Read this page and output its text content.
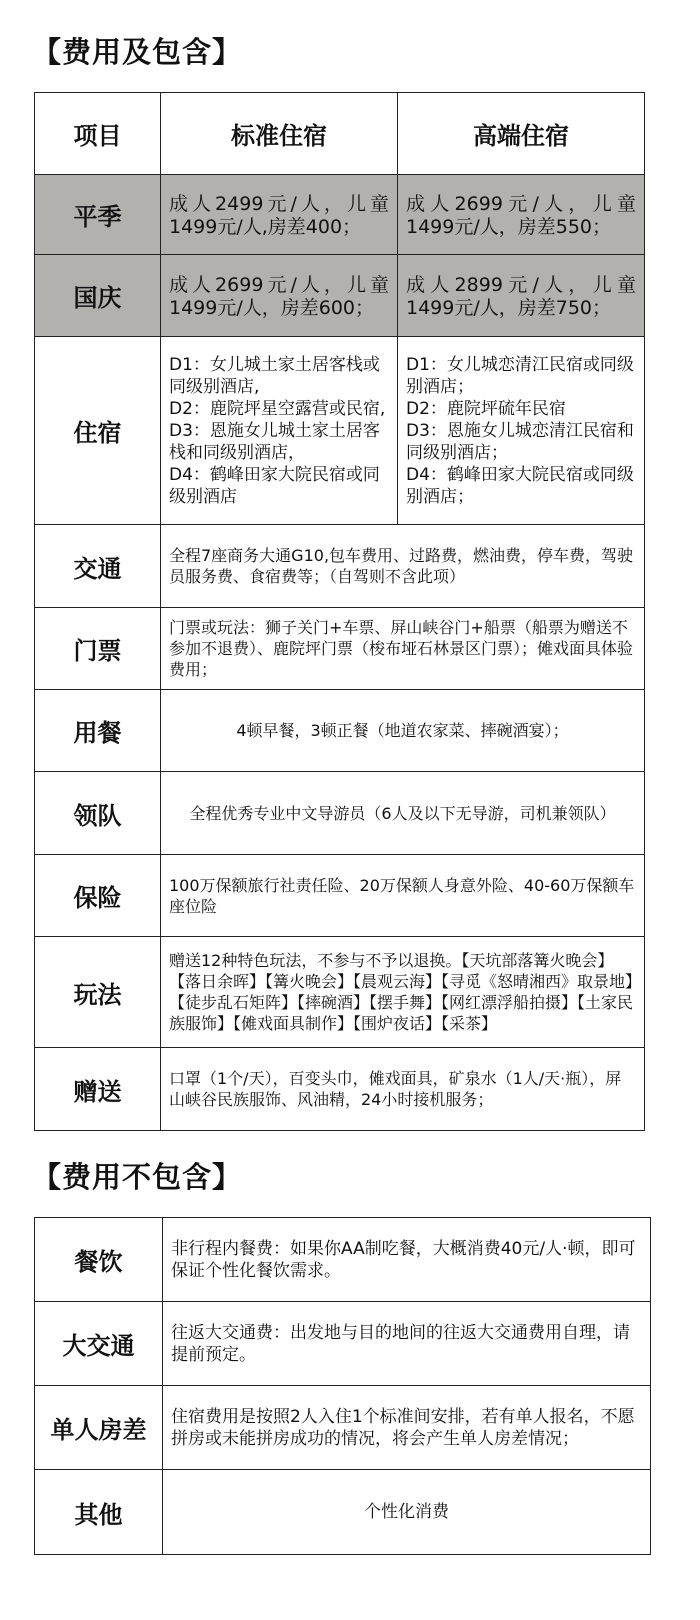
【费用及包含】
项目	标准住宿	高端住宿
平季	成人2499元/人，儿童1499元/人,房差400；	成人2699元/人，儿童1499元/人，房差550；
国庆	成人2699元/人，儿童1499元/人，房差600；	成人2899元/人，儿童1499元/人，房差750；
住宿	D1：女儿城土家土居客栈或同级别酒店,
D2：鹿院坪星空露营或民宿,
D3：恩施女儿城土家土居客栈和同级别酒店，
D4：鹤峰田家大院民宿或同级别酒店	D1：女儿城恋清江民宿或同级别酒店；
D2：鹿院坪硫年民宿
D3：恩施女儿城恋清江民宿和同级别酒店；
D4：鹤峰田家大院民宿或同级别酒店；

交通	全程7座商务大通G10,包车费用、过路费，燃油费，停车费，驾驶员服务费、食宿费等；（自驾则不含此项）	
门票	门票或玩法：狮子关门+车票、屏山峡谷门+船票（船票为赠送不参加不退费）、鹿院坪门票（梭布垭石林景区门票）；傩戏面具体验费用；	
用餐	4顿早餐，3顿正餐（地道农家菜、摔碗酒宴）；	
领队	全程优秀专业中文导游员（6人及以下无导游，司机兼领队）	
保险	100万保额旅行社责任险、20万保额人身意外险、40-60万保额车座位险	
玩法	赠送12种特色玩法，不参与不予以退换。【天坑部落篝火晚会】【落日余晖】【篝火晚会】【晨观云海】【寻觅《怒晴湘西》取景地】【徒步乱石矩阵】【摔碗酒】【摆手舞】【网红漂浮船拍摄】【土家民族服饰】【傩戏面具制作】【围炉夜话】【采茶】	
赠送	口罩（1个/天），百变头巾，傩戏面具，矿泉水（1人/天·瓶），屏山峡谷民族服饰、风油精，24小时接机服务；	
【费用不包含】
餐饮	非行程内餐费：如果你AA制吃餐，大概消费40元/人·顿，即可保证个性化餐饮需求。
大交通	往返大交通费：出发地与目的地间的往返大交通费用自理，请提前预定。
单人房差	住宿费用是按照2人入住1个标准间安排，若有单人报名，不愿拼房或未能拼房成功的情况，将会产生单人房差情况；
其他	个性化消费
